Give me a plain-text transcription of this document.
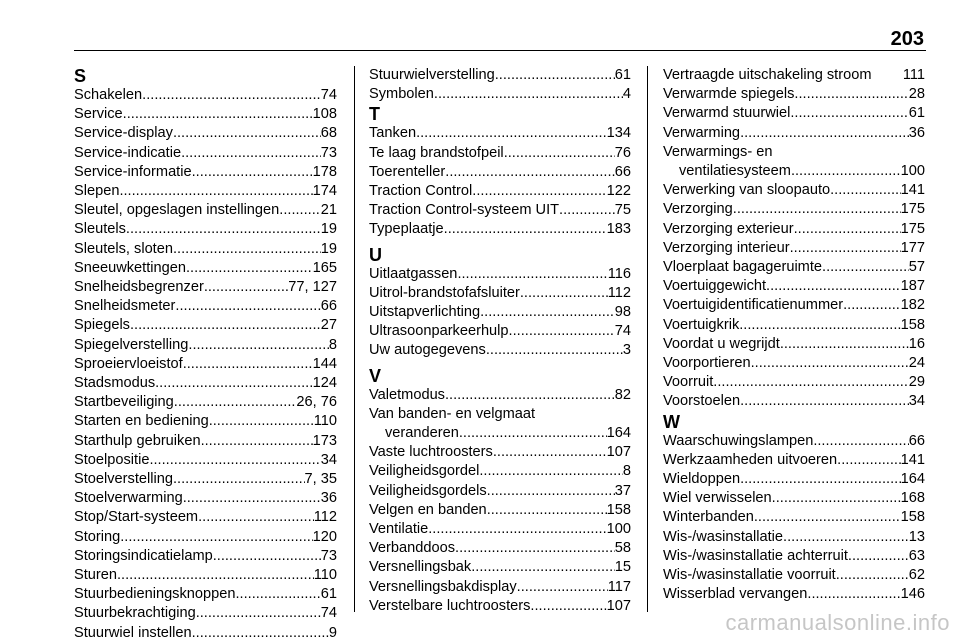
203
S
Schakelen .....	74
Service .....	108
Service-display .....	68
Service-indicatie .....	73
Service-informatie .....	178
Slepen .....	174
Sleutel, opgeslagen instellingen .....	21
Sleutels .....	19
Sleutels, sloten .....	19
Sneeuwkettingen .....	165
Snelheidsbegrenzer .....	77, 127
Snelheidsmeter .....	66
Spiegels .....	27
Spiegelverstelling .....	8
Sproeiervloeistof .....	144
Stadsmodus .....	124
Startbeveiliging .....	26, 76
Starten en bediening .....	110
Starthulp gebruiken .....	173
Stoelpositie .....	34
Stoelverstelling .....	7, 35
Stoelverwarming .....	36
Stop/Start-systeem .....	112
Storing .....	120
Storingsindicatielamp .....	73
Sturen .....	110
Stuurbedieningsknoppen .....	61
Stuurbekrachtiging .....	74
Stuurwiel instellen .....	9
Stuurwielverstelling .....	61
Symbolen .....	4
T
Tanken .....	134
Te laag brandstofpeil .....	76
Toerenteller .....	66
Traction Control .....	122
Traction Control-systeem UIT .....	75
Typeplaatje .....	183
U
Uitlaatgassen .....	116
Uitrol-brandstofafsluiter .....	112
Uitstapverlichting .....	98
Ultrasoonparkeerhulp .....	74
Uw autogegevens .....	3
V
Valetmodus .....	82
Van banden- en velgmaat
veranderen .....	164
Vaste luchtroosters .....	107
Veiligheidsgordel .....	8
Veiligheidsgordels .....	37
Velgen en banden .....	158
Ventilatie .....	100
Verbanddoos .....	58
Versnellingsbak .....	15
Versnellingsbakdisplay .....	117
Verstelbare luchtroosters .....	107
Vertraagde uitschakeling stroom 111
Verwarmde spiegels .....	28
Verwarmd stuurwiel .....	61
Verwarming .....	36
Verwarmings- en
ventilatiesysteem .....	100
Verwerking van sloopauto .....	141
Verzorging .....	175
Verzorging exterieur .....	175
Verzorging interieur .....	177
Vloerplaat bagageruimte .....	57
Voertuiggewicht .....	187
Voertuigidentificatienummer .....	182
Voertuigkrik .....	158
Voordat u wegrijdt .....	16
Voorportieren .....	24
Voorruit .....	29
Voorstoelen .....	34
W
Waarschuwingslampen .....	66
Werkzaamheden uitvoeren .....	141
Wieldoppen .....	164
Wiel verwisselen .....	168
Winterbanden .....	158
Wis-/wasinstallatie .....	13
Wis-/wasinstallatie achterruit .....	63
Wis-/wasinstallatie voorruit .....	62
Wisserblad vervangen .....	146
carmanualsonline.info
